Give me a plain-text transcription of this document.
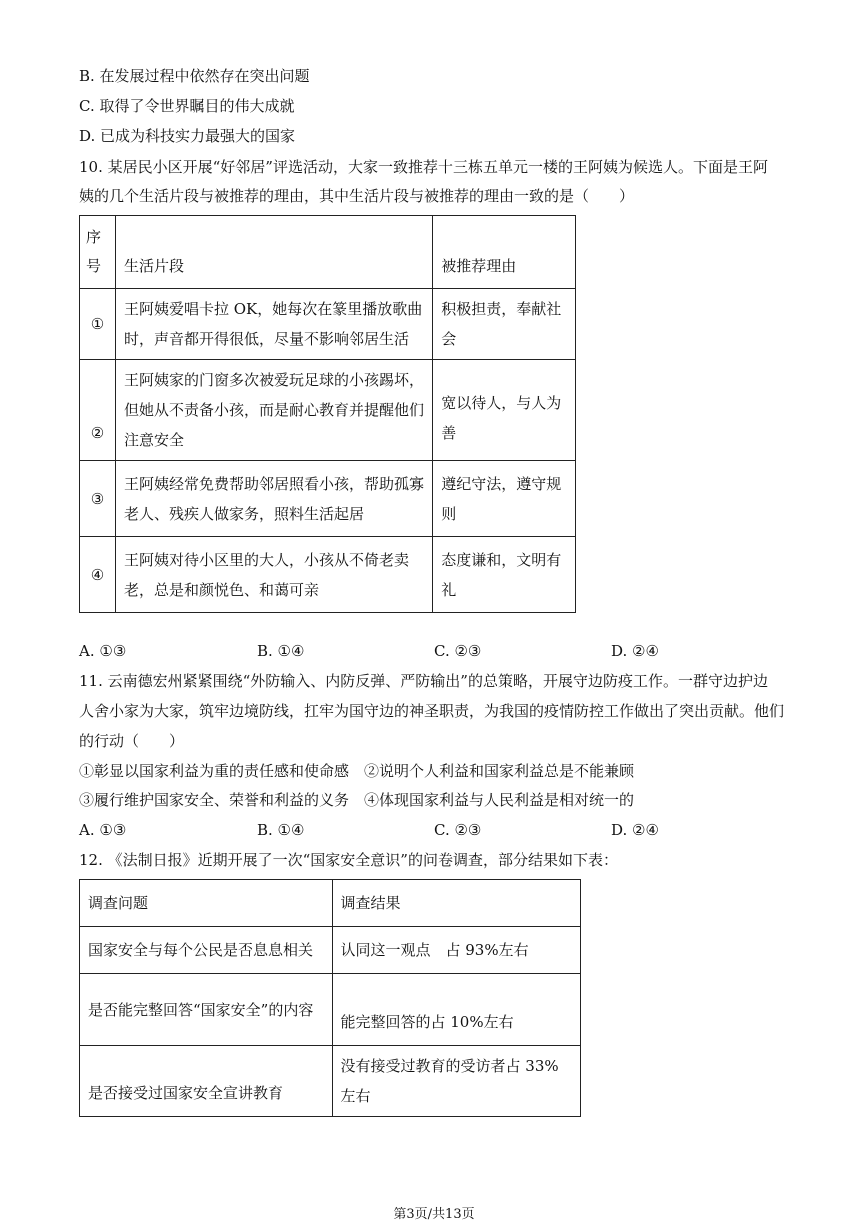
B. 在发展过程中依然存在突出问题
C. 取得了令世界瞩目的伟大成就
D. 已成为科技实力最强大的国家
10. 某居民小区开展“好邻居”评选活动，大家一致推荐十三栋五单元一楼的王阿姨为候选人。下面是王阿
姨的几个生活片段与被推荐的理由，其中生活片段与被推荐的理由一致的是（　　）
序号	生活片段	被推荐理由
①	王阿姨爱唱卡拉 OK，她每次在篆里播放歌曲时，声音都开得很低，尽量不影响邻居生活	积极担责，奉献社会
②	王阿姨家的门窗多次被爱玩足球的小孩踢坏，但她从不责备小孩，而是耐心教育并提醒他们注意安全	宽以待人，与人为善
③	王阿姨经常免费帮助邻居照看小孩，帮助孤寡老人、残疾人做家务，照料生活起居	遵纪守法，遵守规则
④	王阿姨对待小区里的大人，小孩从不倚老卖老，总是和颜悦色、和蔼可亲	态度谦和，文明有礼
A. ①③	B. ①④	C. ②③	D. ②④
11. 云南德宏州紧紧围绕“外防输入、内防反弹、严防输出”的总策略，开展守边防疫工作。一群守边护边
人舍小家为大家，筑牢边境防线，扛牢为国守边的神圣职责，为我国的疫情防控工作做出了突出贡献。他们
的行动（　　）
①彰显以国家利益为重的责任感和使命感　②说明个人利益和国家利益总是不能兼顾
③履行维护国家安全、荣誉和利益的义务　④体现国家利益与人民利益是相对统一的
A. ①③	B. ①④	C. ②③	D. ②④
12. 《法制日报》近期开展了一次“国家安全意识”的问卷调查，部分结果如下表：
调查问题	调查结果
国家安全与每个公民是否息息相关	认同这一观点　占 93%左右
是否能完整回答“国家安全”的内容	能完整回答的占 10%左右
是否接受过国家安全宣讲教育	没有接受过教育的受访者占 33%左右
第3页/共13页
